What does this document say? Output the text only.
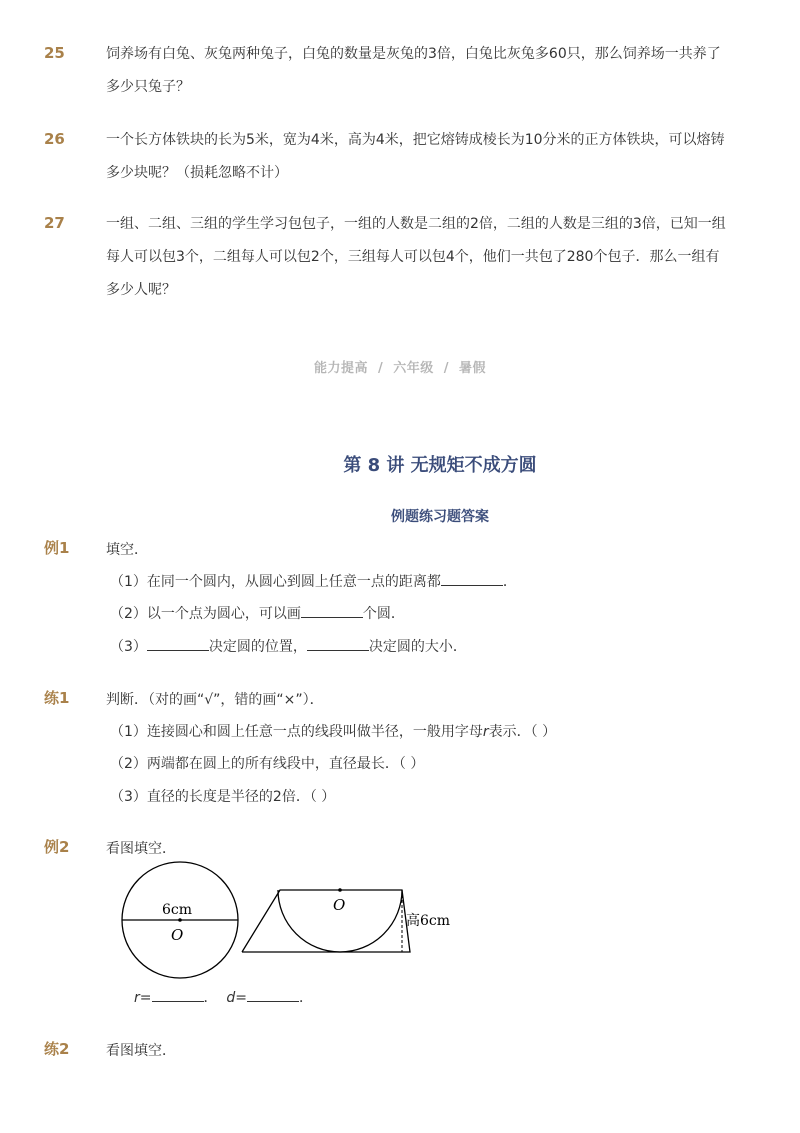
25	饲养场有白兔、灰兔两种兔子，白兔的数量是灰兔的3倍，白兔比灰兔多60只，那么饲养场一共养了多少只兔子？
26	一个长方体铁块的长为5米，宽为4米，高为4米，把它熔铸成棱长为10分米的正方体铁块，可以熔铸多少块呢？（损耗忽略不计）
27	一组、二组、三组的学生学习包包子，一组的人数是二组的2倍，二组的人数是三组的3倍，已知一组每人可以包3个，二组每人可以包2个，三组每人可以包4个，他们一共包了280个包子．那么一组有多少人呢？
能力提高 / 六年级 / 暑假
第 8 讲 无规矩不成方圆
例题练习题答案
例1	填空．
（1）在同一个圆内，从圆心到圆上任意一点的距离都	．
（2）以一个点为圆心，可以画	个圆．
（3）	决定圆的位置，	决定圆的大小．
练1	判断．（对的画“√”，错的画“×”）．
（1）连接圆心和圆上任意一点的线段叫做半径，一般用字母r表示．（ ）
（2）两端都在圆上的所有线段中，直径最长．（ ）
（3）直径的长度是半径的2倍．（ ）
例2	看图填空．
6cm
O
O
高6cm
r=	． d=	．
练2	看图填空．
